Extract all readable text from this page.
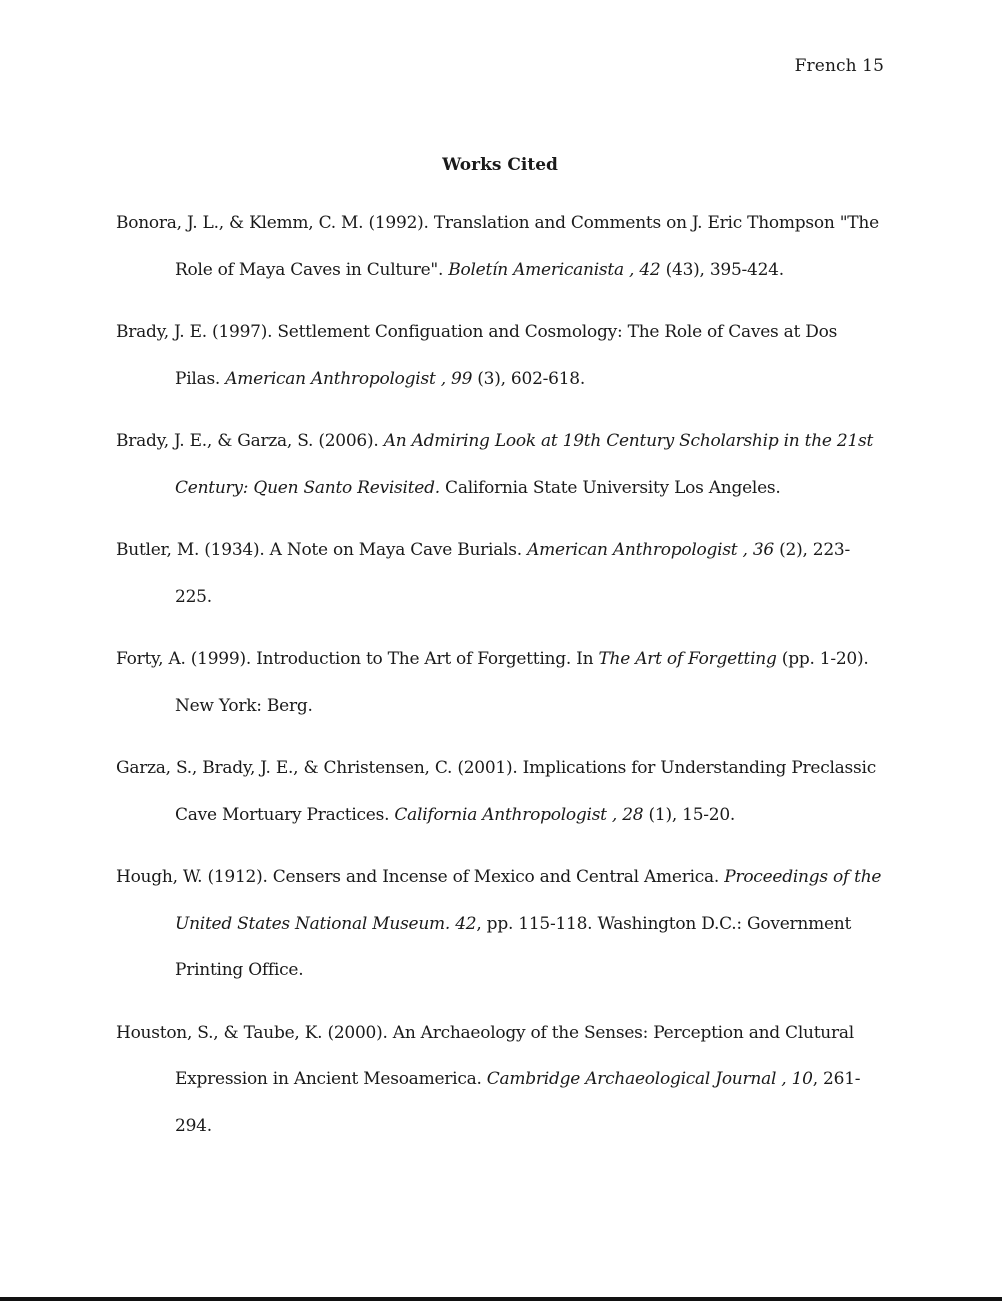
French 15
Works Cited

Bonora, J. L., & Klemm, C. M. (1992). Translation and Comments on J. Eric Thompson "The Role of Maya Caves in Culture". Boletín Americanista , 42 (43), 395-424.

Brady, J. E. (1997). Settlement Configuation and Cosmology: The Role of Caves at Dos Pilas. American Anthropologist , 99 (3), 602-618.

Brady, J. E., & Garza, S. (2006). An Admiring Look at 19th Century Scholarship in the 21st Century: Quen Santo Revisited. California State University Los Angeles.

Butler, M. (1934). A Note on Maya Cave Burials. American Anthropologist , 36 (2), 223-225.

Forty, A. (1999). Introduction to The Art of Forgetting. In The Art of Forgetting (pp. 1-20). New York: Berg.

Garza, S., Brady, J. E., & Christensen, C. (2001). Implications for Understanding Preclassic Cave Mortuary Practices. California Anthropologist , 28 (1), 15-20.

Hough, W. (1912). Censers and Incense of Mexico and Central America. Proceedings of the United States National Museum. 42, pp. 115-118. Washington D.C.: Government Printing Office.

Houston, S., & Taube, K. (2000). An Archaeology of the Senses: Perception and Clutural Expression in Ancient Mesoamerica. Cambridge Archaeological Journal , 10, 261-294.
